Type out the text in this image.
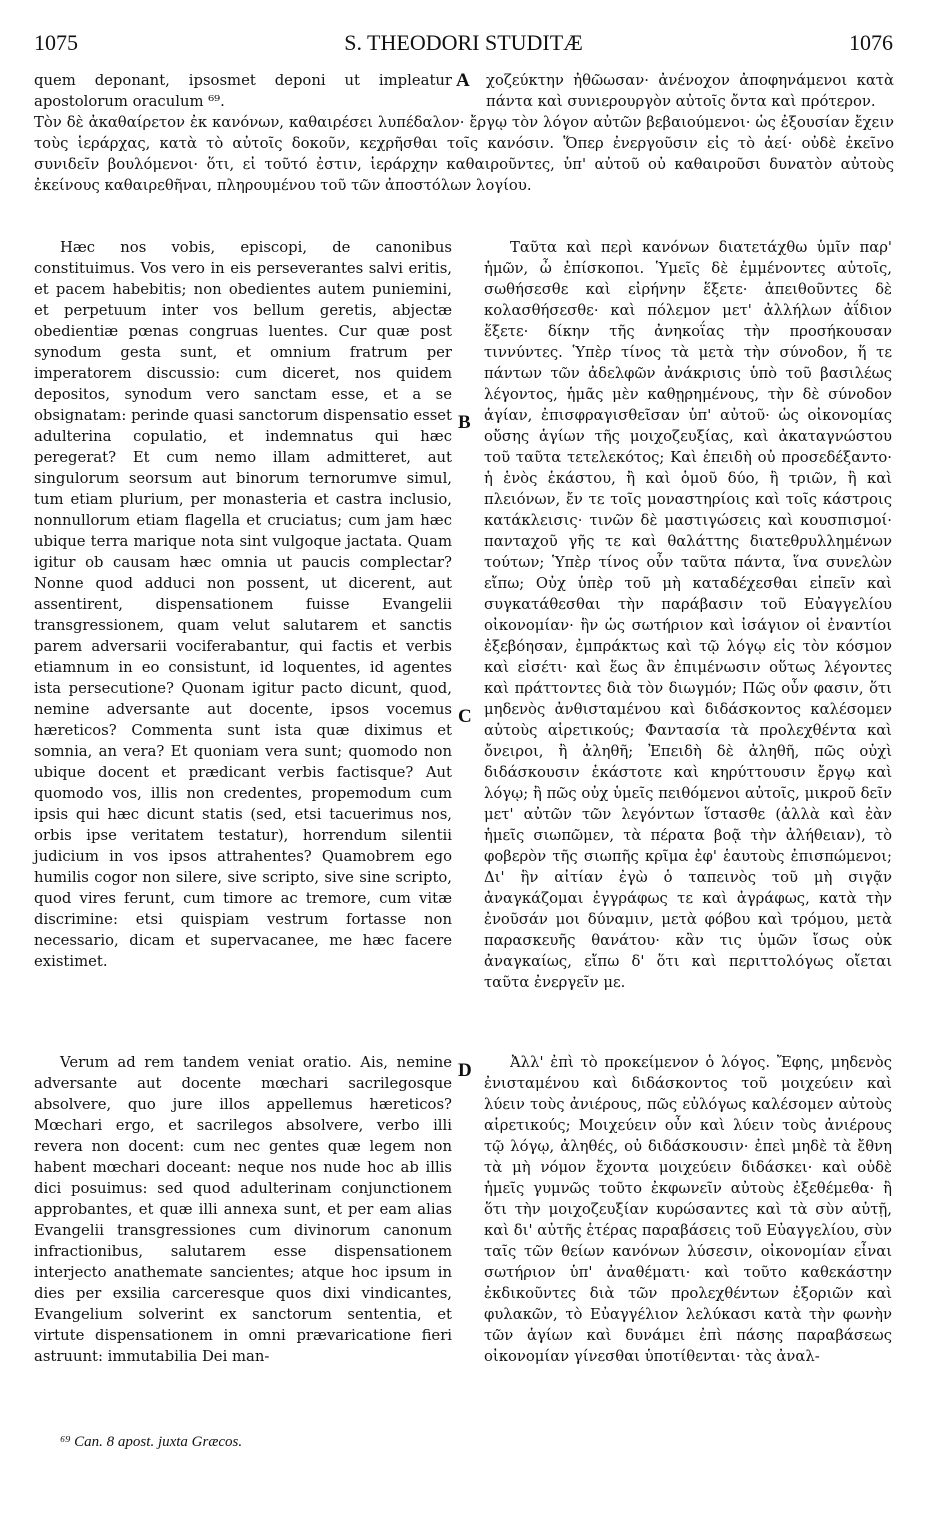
1075	S. THEODORI STUDITÆ	1076

quem deponant, ipsosmet deponi ut impleatur apostolorum oraculum ⁶⁹.

χοζεύκτην ἠθῶωσαν· ἀνένοχον ἀποφηνάμενοι κατὰ πάντα καὶ συνιερουργὸν αὐτοῖς ὄντα καὶ πρότερον.

Τὸν δὲ ἀκαθαίρετον ἐκ κανόνων, καθαιρέσει λυπέδαλον· ἔργῳ τὸν λόγον αὐτῶν βεβαιούμενοι· ὡς ἐξουσίαν ἔχειν τοὺς ἱεράρχας, κατὰ τὸ αὐτοῖς δοκοῦν, κεχρῆσθαι τοῖς κανόσιν. Ὅπερ ἐνεργοῦσιν εἰς τὸ ἀεί· οὐδὲ ἐκεῖνο συνιδεῖν βουλόμενοι· ὅτι, εἰ τοῦτό ἐστιν, ἱεράρχην καθαιροῦντες, ὑπ' αὐτοῦ οὐ καθαιροῦσι δυνατὸν αὐτοὺς ἐκείνους καθαιρεθῆναι, πληρουμένου τοῦ τῶν ἀποστόλων λογίου.

A
B
C
D

Hæc nos vobis, episcopi, de canonibus constituimus. Vos vero in eis perseverantes salvi eritis, et pacem habebitis; non obedientes autem puniemini, et perpetuum inter vos bellum geretis, abjectæ obedientiæ pœnas congruas luentes. Cur quæ post synodum gesta sunt, et omnium fratrum per imperatorem discussio: cum diceret, nos quidem depositos, synodum vero sanctam esse, et a se obsignatam: perinde quasi sanctorum dispensatio esset adulterina copulatio, et indemnatus qui hæc peregerat? Et cum nemo illam admitteret, aut singulorum seorsum aut binorum ternorumve simul, tum etiam plurium, per monasteria et castra inclusio, nonnullorum etiam flagella et cruciatus; cum jam hæc ubique terra marique nota sint vulgoque jactata. Quam igitur ob causam hæc omnia ut paucis complectar? Nonne quod adduci non possent, ut dicerent, aut assentirent, dispensationem fuisse Evangelii transgressionem, quam velut salutarem et sanctis parem adversarii vociferabantur, qui factis et verbis etiamnum in eo consistunt, id loquentes, id agentes ista persecutione? Quonam igitur pacto dicunt, quod, nemine adversante aut docente, ipsos vocemus hæreticos? Commenta sunt ista quæ diximus et somnia, an vera? Et quoniam vera sunt; quomodo non ubique docent et prædicant verbis factisque? Aut quomodo vos, illis non credentes, propemodum cum ipsis qui hæc dicunt statis (sed, etsi tacuerimus nos, orbis ipse veritatem testatur), horrendum silentii judicium in vos ipsos attrahentes? Quamobrem ego humilis cogor non silere, sive scripto, sive sine scripto, quod vires ferunt, cum timore ac tremore, cum vitæ discrimine: etsi quispiam vestrum fortasse non necessario, dicam et supervacanee, me hæc facere existimet.

Ταῦτα καὶ περὶ κανόνων διατετάχθω ὑμῖν παρ' ἡμῶν, ὦ ἐπίσκοποι. Ὑμεῖς δὲ ἐμμένοντες αὐτοῖς, σωθήσεσθε καὶ εἰρήνην ἕξετε· ἀπειθοῦντες δὲ κολασθήσεσθε· καὶ πόλεμον μετ' ἀλλήλων ἀΐδιον ἕξετε· δίκην τῆς ἀνηκοΐας τὴν προσήκουσαν τιννύντες. Ὑπὲρ τίνος τὰ μετὰ τὴν σύνοδον, ἥ τε πάντων τῶν ἀδελφῶν ἀνάκρισις ὑπὸ τοῦ βασιλέως λέγοντος, ἡμᾶς μὲν καθῃρημένους, τὴν δὲ σύνοδον ἁγίαν, ἐπισφραγισθεῖσαν ὑπ' αὐτοῦ· ὡς οἰκονομίας οὔσης ἁγίων τῆς μοιχοζευξίας, καὶ ἀκαταγνώστου τοῦ ταῦτα τετελεκότος; Καὶ ἐπειδὴ οὐ προσεδέξαντο· ἡ ἑνὸς ἑκάστου, ἢ καὶ ὁμοῦ δύο, ἢ τριῶν, ἢ καὶ πλειόνων, ἔν τε τοῖς μοναστηρίοις καὶ τοῖς κάστροις κατάκλεισις· τινῶν δὲ μαστιγώσεις καὶ κουσπισμοί· πανταχοῦ γῆς τε καὶ θαλάττης διατεθρυλλημένων τούτων; Ὑπὲρ τίνος οὖν ταῦτα πάντα, ἵνα συνελὼν εἴπω; Οὐχ ὑπὲρ τοῦ μὴ καταδέχεσθαι εἰπεῖν καὶ συγκατάθεσθαι τὴν παράβασιν τοῦ Εὐαγγελίου οἰκονομίαν· ἣν ὡς σωτήριον καὶ ἰσάγιον οἱ ἐναντίοι ἐξεβόησαν, ἐμπράκτως καὶ τῷ λόγῳ εἰς τὸν κόσμον καὶ εἰσέτι· καὶ ἕως ἂν ἐπιμένωσιν οὕτως λέγοντες καὶ πράττοντες διὰ τὸν διωγμόν; Πῶς οὖν φασιν, ὅτι μηδενὸς ἀνθισταμένου καὶ διδάσκοντος καλέσομεν αὐτοὺς αἱρετικούς; Φαντασία τὰ προλεχθέντα καὶ ὄνειροι, ἢ ἀληθῆ; Ἐπειδὴ δὲ ἀληθῆ, πῶς οὐχὶ διδάσκουσιν ἑκάστοτε καὶ κηρύττουσιν ἔργῳ καὶ λόγῳ; ἢ πῶς οὐχ ὑμεῖς πειθόμενοι αὐτοῖς, μικροῦ δεῖν μετ' αὐτῶν τῶν λεγόντων ἵστασθε (ἀλλὰ καὶ ἐὰν ἡμεῖς σιωπῶμεν, τὰ πέρατα βοᾷ τὴν ἀλήθειαν), τὸ φοβερὸν τῆς σιωπῆς κρῖμα ἐφ' ἑαυτοὺς ἐπισπώμενοι; Δι' ἣν αἰτίαν ἐγὼ ὁ ταπεινὸς τοῦ μὴ σιγᾷν ἀναγκάζομαι ἐγγράφως τε καὶ ἀγράφως, κατὰ τὴν ἐνοῦσάν μοι δύναμιν, μετὰ φόβου καὶ τρόμου, μετὰ παρασκευῆς θανάτου· κἂν τις ὑμῶν ἴσως οὐκ ἀναγκαίως, εἴπω δ' ὅτι καὶ περιττολόγως οἴεται ταῦτα ἐνεργεῖν με.

Verum ad rem tandem veniat oratio. Ais, nemine adversante aut docente mœchari sacrilegosque absolvere, quo jure illos appellemus hæreticos? Mœchari ergo, et sacrilegos absolvere, verbo illi revera non docent: cum nec gentes quæ legem non habent mœchari doceant: neque nos nude hoc ab illis dici posuimus: sed quod adulterinam conjunctionem approbantes, et quæ illi annexa sunt, et per eam alias Evangelii transgressiones cum divinorum canonum infractionibus, salutarem esse dispensationem interjecto anathemate sancientes; atque hoc ipsum in dies per exsilia carceresque quos dixi vindicantes, Evangelium solverint ex sanctorum sententia, et virtute dispensationem in omni prævaricatione fieri astruunt: immutabilia Dei man-

Ἀλλ' ἐπὶ τὸ προκείμενον ὁ λόγος. Ἔφης, μηδενὸς ἐνισταμένου καὶ διδάσκοντος τοῦ μοιχεύειν καὶ λύειν τοὺς ἀνιέρους, πῶς εὐλόγως καλέσομεν αὐτοὺς αἱρετικούς; Μοιχεύειν οὖν καὶ λύειν τοὺς ἀνιέρους τῷ λόγῳ, ἀληθές, οὐ διδάσκουσιν· ἐπεὶ μηδὲ τὰ ἔθνη τὰ μὴ νόμον ἔχοντα μοιχεύειν διδάσκει· καὶ οὐδὲ ἡμεῖς γυμνῶς τοῦτο ἐκφωνεῖν αὐτοὺς ἐξεθέμεθα· ἢ ὅτι τὴν μοιχοζευξίαν κυρώσαντες καὶ τὰ σὺν αὐτῇ, καὶ δι' αὐτῆς ἑτέρας παραβάσεις τοῦ Εὐαγγελίου, σὺν ταῖς τῶν θείων κανόνων λύσεσιν, οἰκονομίαν εἶναι σωτήριον ὑπ' ἀναθέματι· καὶ τοῦτο καθεκάστην ἐκδικοῦντες διὰ τῶν προλεχθέντων ἐξοριῶν καὶ φυλακῶν, τὸ Εὐαγγέλιον λελύκασι κατὰ τὴν φωνὴν τῶν ἁγίων καὶ δυνάμει ἐπὶ πάσης παραβάσεως οἰκονομίαν γίνεσθαι ὑποτίθενται· τὰς ἀναλ-

⁶⁹ Can. 8 apost. juxta Græcos.
